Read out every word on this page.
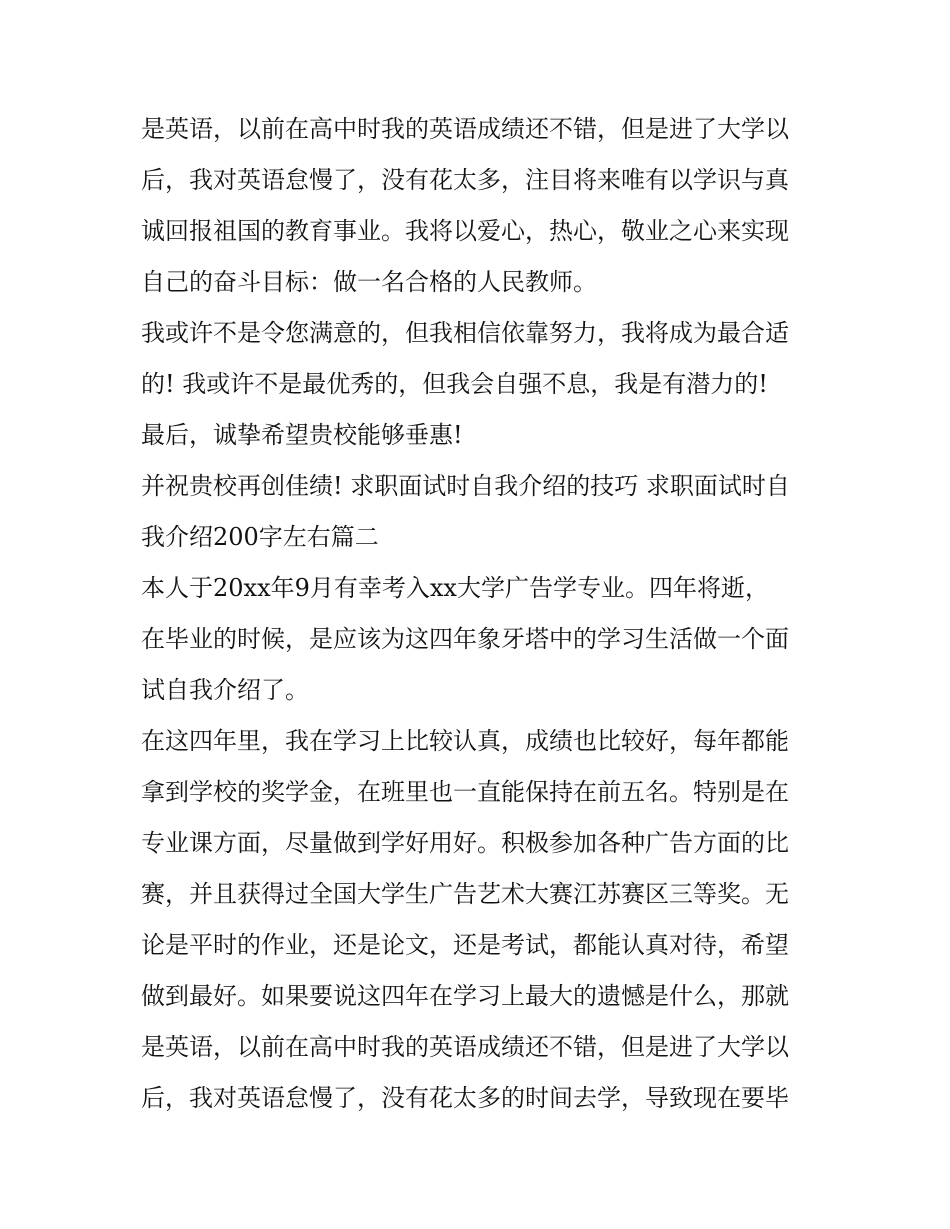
是英语，以前在高中时我的英语成绩还不错，但是进了大学以
后，我对英语怠慢了，没有花太多，注目将来唯有以学识与真
诚回报祖国的教育事业。我将以爱心，热心，敬业之心来实现
自己的奋斗目标：做一名合格的人民教师。
我或许不是令您满意的，但我相信依靠努力，我将成为最合适
的! 我或许不是最优秀的，但我会自强不息，我是有潜力的!
最后，诚挚希望贵校能够垂惠!
并祝贵校再创佳绩! 求职面试时自我介绍的技巧 求职面试时自
我介绍200字左右篇二
本人于20xx年9月有幸考入xx大学广告学专业。四年将逝，
在毕业的时候，是应该为这四年象牙塔中的学习生活做一个面
试自我介绍了。
在这四年里，我在学习上比较认真，成绩也比较好，每年都能
拿到学校的奖学金，在班里也一直能保持在前五名。特别是在
专业课方面，尽量做到学好用好。积极参加各种广告方面的比
赛，并且获得过全国大学生广告艺术大赛江苏赛区三等奖。无
论是平时的作业，还是论文，还是考试，都能认真对待，希望
做到最好。如果要说这四年在学习上最大的遗憾是什么，那就
是英语，以前在高中时我的英语成绩还不错，但是进了大学以
后，我对英语怠慢了，没有花太多的时间去学，导致现在要毕
